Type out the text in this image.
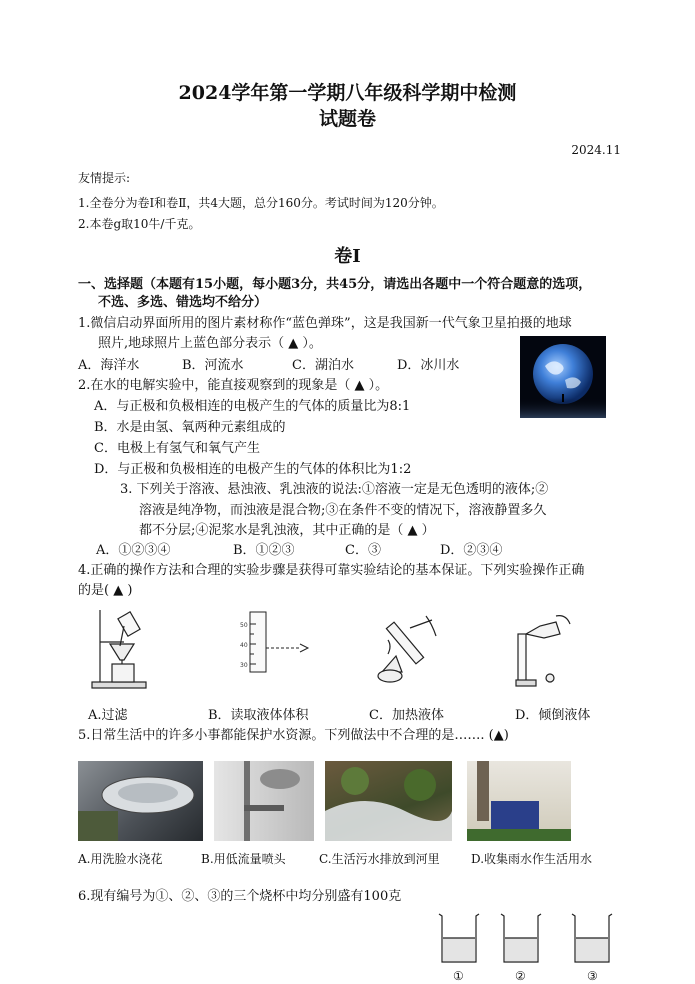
2024学年第一学期八年级科学期中检测
试题卷
2024.11
友情提示:
1.全卷分为卷Ⅰ和卷Ⅱ，共4大题，总分160分。考试时间为120分钟。
2.本卷g取10牛/千克。
卷Ⅰ
一、选择题（本题有15小题，每小题3分，共45分，请选出各题中一个符合题意的选项，
不选、多选、错选均不给分）
1.微信启动界面所用的图片素材称作“蓝色弹珠”，这是我国新一代气象卫星拍摄的地球
照片,地球照片上蓝色部分表示（ ▲ ）。
A．海洋水	B．河流水	C．湖泊水	D．冰川水
2.在水的电解实验中，能直接观察到的现象是（ ▲ ）。
A．与正极和负极相连的电极产生的气体的质量比为8:1
B．水是由氢、氧两种元素组成的
C．电极上有氢气和氧气产生
D．与正极和负极相连的电极产生的气体的体积比为1:2
3. 下列关于溶液、悬浊液、乳浊液的说法:①溶液一定是无色透明的液体;②
溶液是纯净物，而浊液是混合物;③在条件不变的情况下，溶液静置多久
都不分层;④泥浆水是乳浊液，其中正确的是（ ▲ ）
A．①②③④	B．①②③	C．③	D．②③④
4.正确的操作方法和合理的实验步骤是获得可靠实验结论的基本保证。下列实验操作正确
的是( ▲ )
50
40
30
A.过滤	B．读取液体体积	C．加热液体	D．倾倒液体
5.日常生活中的许多小事都能保护水资源。下列做法中不合理的是……. (▲)
A.用洗脸水浇花	B.用低流量喷头	C.生活污水排放到河里	D.收集雨水作生活用水
6.现有编号为①、②、③的三个烧杯中均分别盛有100克
①	②	③
